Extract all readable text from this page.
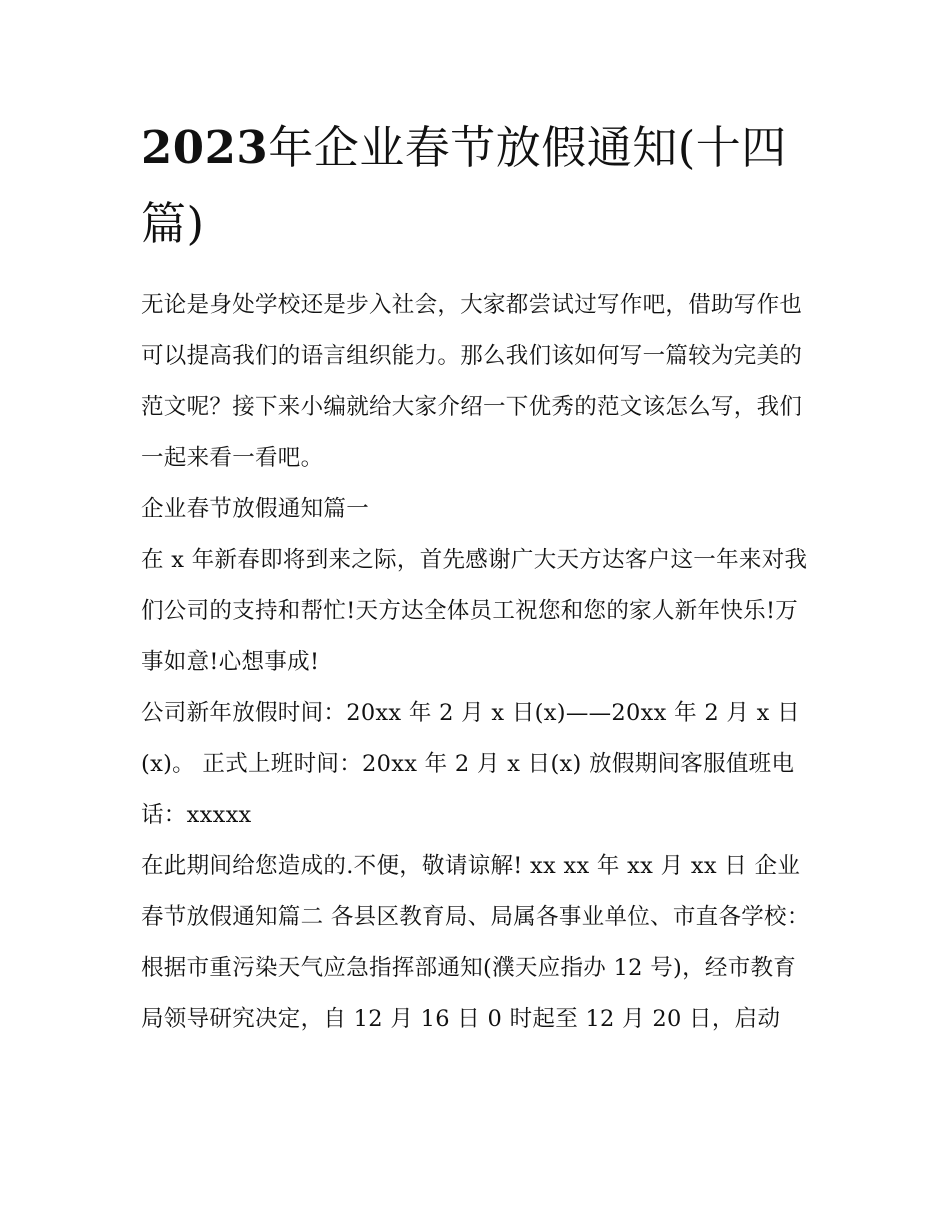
2023年企业春节放假通知(十四篇)

无论是身处学校还是步入社会，大家都尝试过写作吧，借助写作也可以提高我们的语言组织能力。那么我们该如何写一篇较为完美的范文呢？接下来小编就给大家介绍一下优秀的范文该怎么写，我们一起来看一看吧。

企业春节放假通知篇一

在 x 年新春即将到来之际，首先感谢广大天方达客户这一年来对我们公司的支持和帮忙!天方达全体员工祝您和您的家人新年快乐!万事如意!心想事成!

公司新年放假时间：20xx 年 2 月 x 日(x)——20xx 年 2 月 x 日(x)。 正式上班时间：20xx 年 2 月 x 日(x) 放假期间客服值班电话：xxxxx

在此期间给您造成的.不便，敬请谅解! xx xx 年 xx 月 xx 日 企业春节放假通知篇二 各县区教育局、局属各事业单位、市直各学校：

根据市重污染天气应急指挥部通知(濮天应指办 12 号)，经市教育局领导研究决定，自 12 月 16 日 0 时起至 12 月 20 日，启动
